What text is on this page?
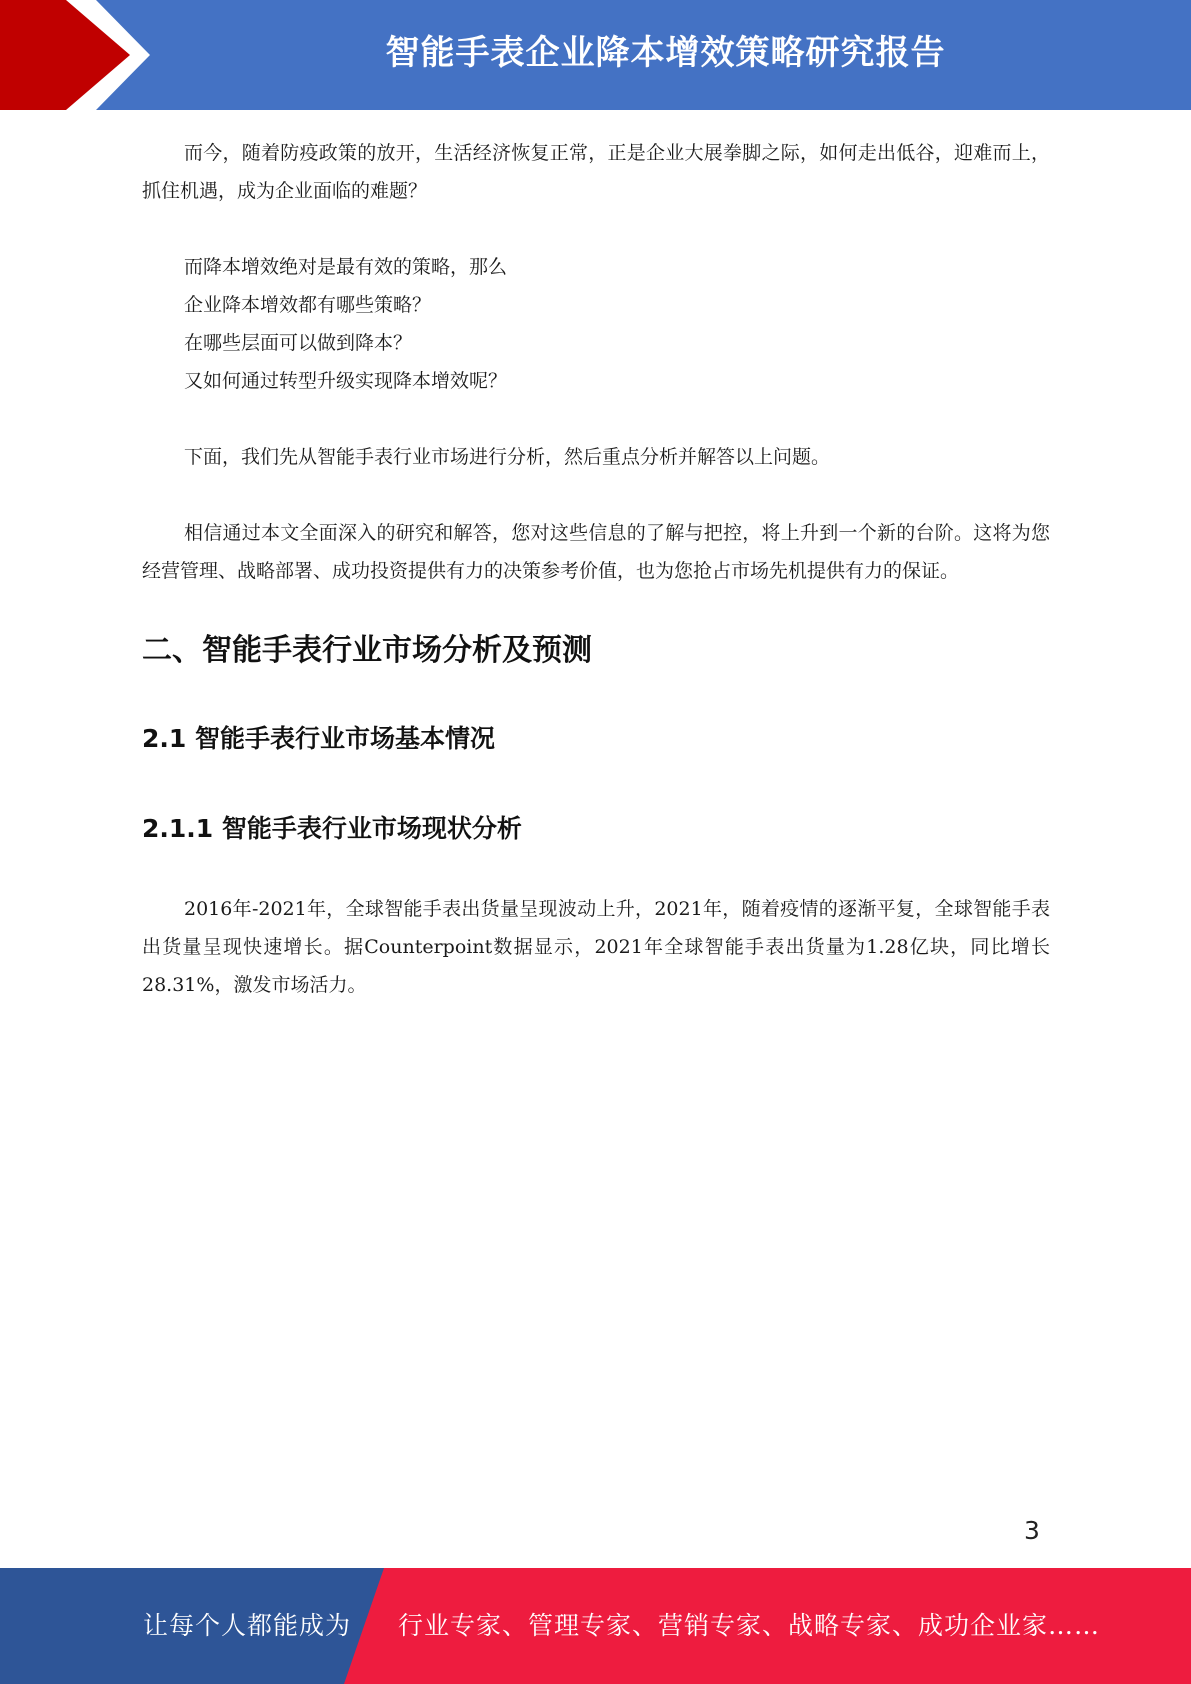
智能手表企业降本增效策略研究报告

而今，随着防疫政策的放开，生活经济恢复正常，正是企业大展拳脚之际，如何走出低谷，迎难而上，抓住机遇，成为企业面临的难题？

而降本增效绝对是最有效的策略，那么
企业降本增效都有哪些策略？
在哪些层面可以做到降本？
又如何通过转型升级实现降本增效呢？

下面，我们先从智能手表行业市场进行分析，然后重点分析并解答以上问题。

相信通过本文全面深入的研究和解答，您对这些信息的了解与把控，将上升到一个新的台阶。这将为您经营管理、战略部署、成功投资提供有力的决策参考价值，也为您抢占市场先机提供有力的保证。

二、智能手表行业市场分析及预测
2.1 智能手表行业市场基本情况
2.1.1 智能手表行业市场现状分析

2016年-2021年，全球智能手表出货量呈现波动上升，2021年，随着疫情的逐渐平复，全球智能手表出货量呈现快速增长。据Counterpoint数据显示，2021年全球智能手表出货量为1.28亿块，同比增长28.31%，激发市场活力。

3
让每个人都能成为 行业专家、管理专家、营销专家、战略专家、成功企业家……
